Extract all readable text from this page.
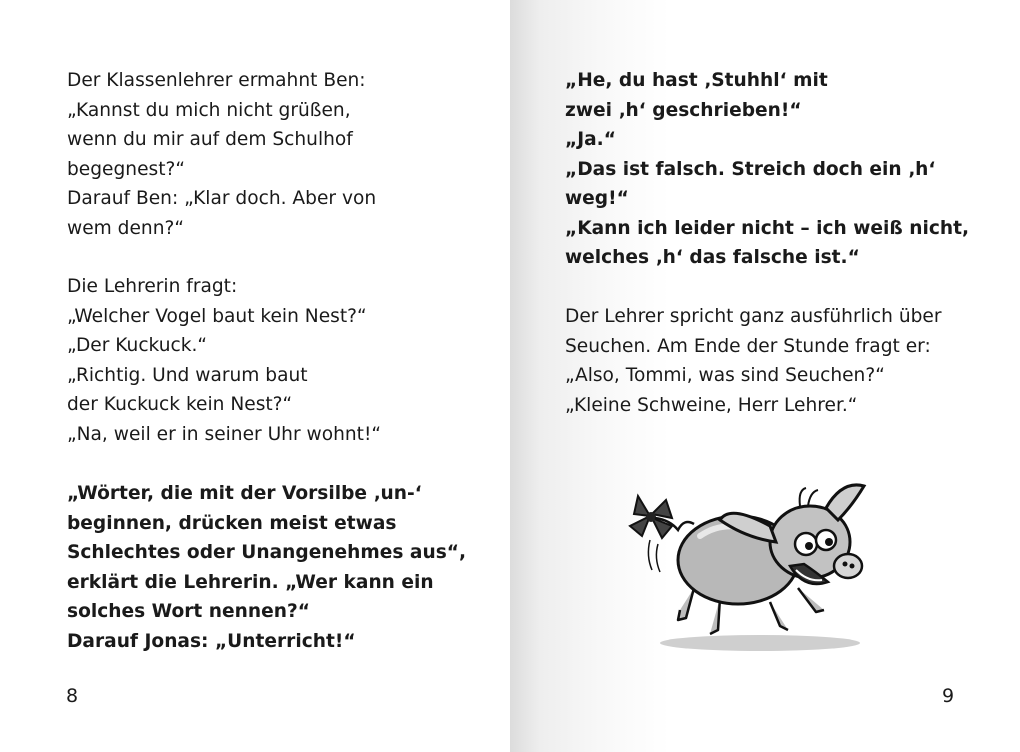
Der Klassenlehrer ermahnt Ben:
„Kannst du mich nicht grüßen,
wenn du mir auf dem Schulhof
begegnest?“
Darauf Ben: „Klar doch. Aber von
wem denn?“
Die Lehrerin fragt:
„Welcher Vogel baut kein Nest?“
„Der Kuckuck.“
„Richtig. Und warum baut
der Kuckuck kein Nest?“
„Na, weil er in seiner Uhr wohnt!“
„Wörter, die mit der Vorsilbe ‚un-‘
beginnen, drücken meist etwas
Schlechtes oder Unangenehmes aus“,
erklärt die Lehrerin. „Wer kann ein
solches Wort nennen?“
Darauf Jonas: „Unterricht!“
8
„He, du hast ‚Stuhhl‘ mit
zwei ‚h‘ geschrieben!“
„Ja.“
„Das ist falsch. Streich doch ein ‚h‘
weg!“
„Kann ich leider nicht – ich weiß nicht,
welches ‚h‘ das falsche ist.“
Der Lehrer spricht ganz ausführlich über
Seuchen. Am Ende der Stunde fragt er:
„Also, Tommi, was sind Seuchen?“
„Kleine Schweine, Herr Lehrer.“
9
